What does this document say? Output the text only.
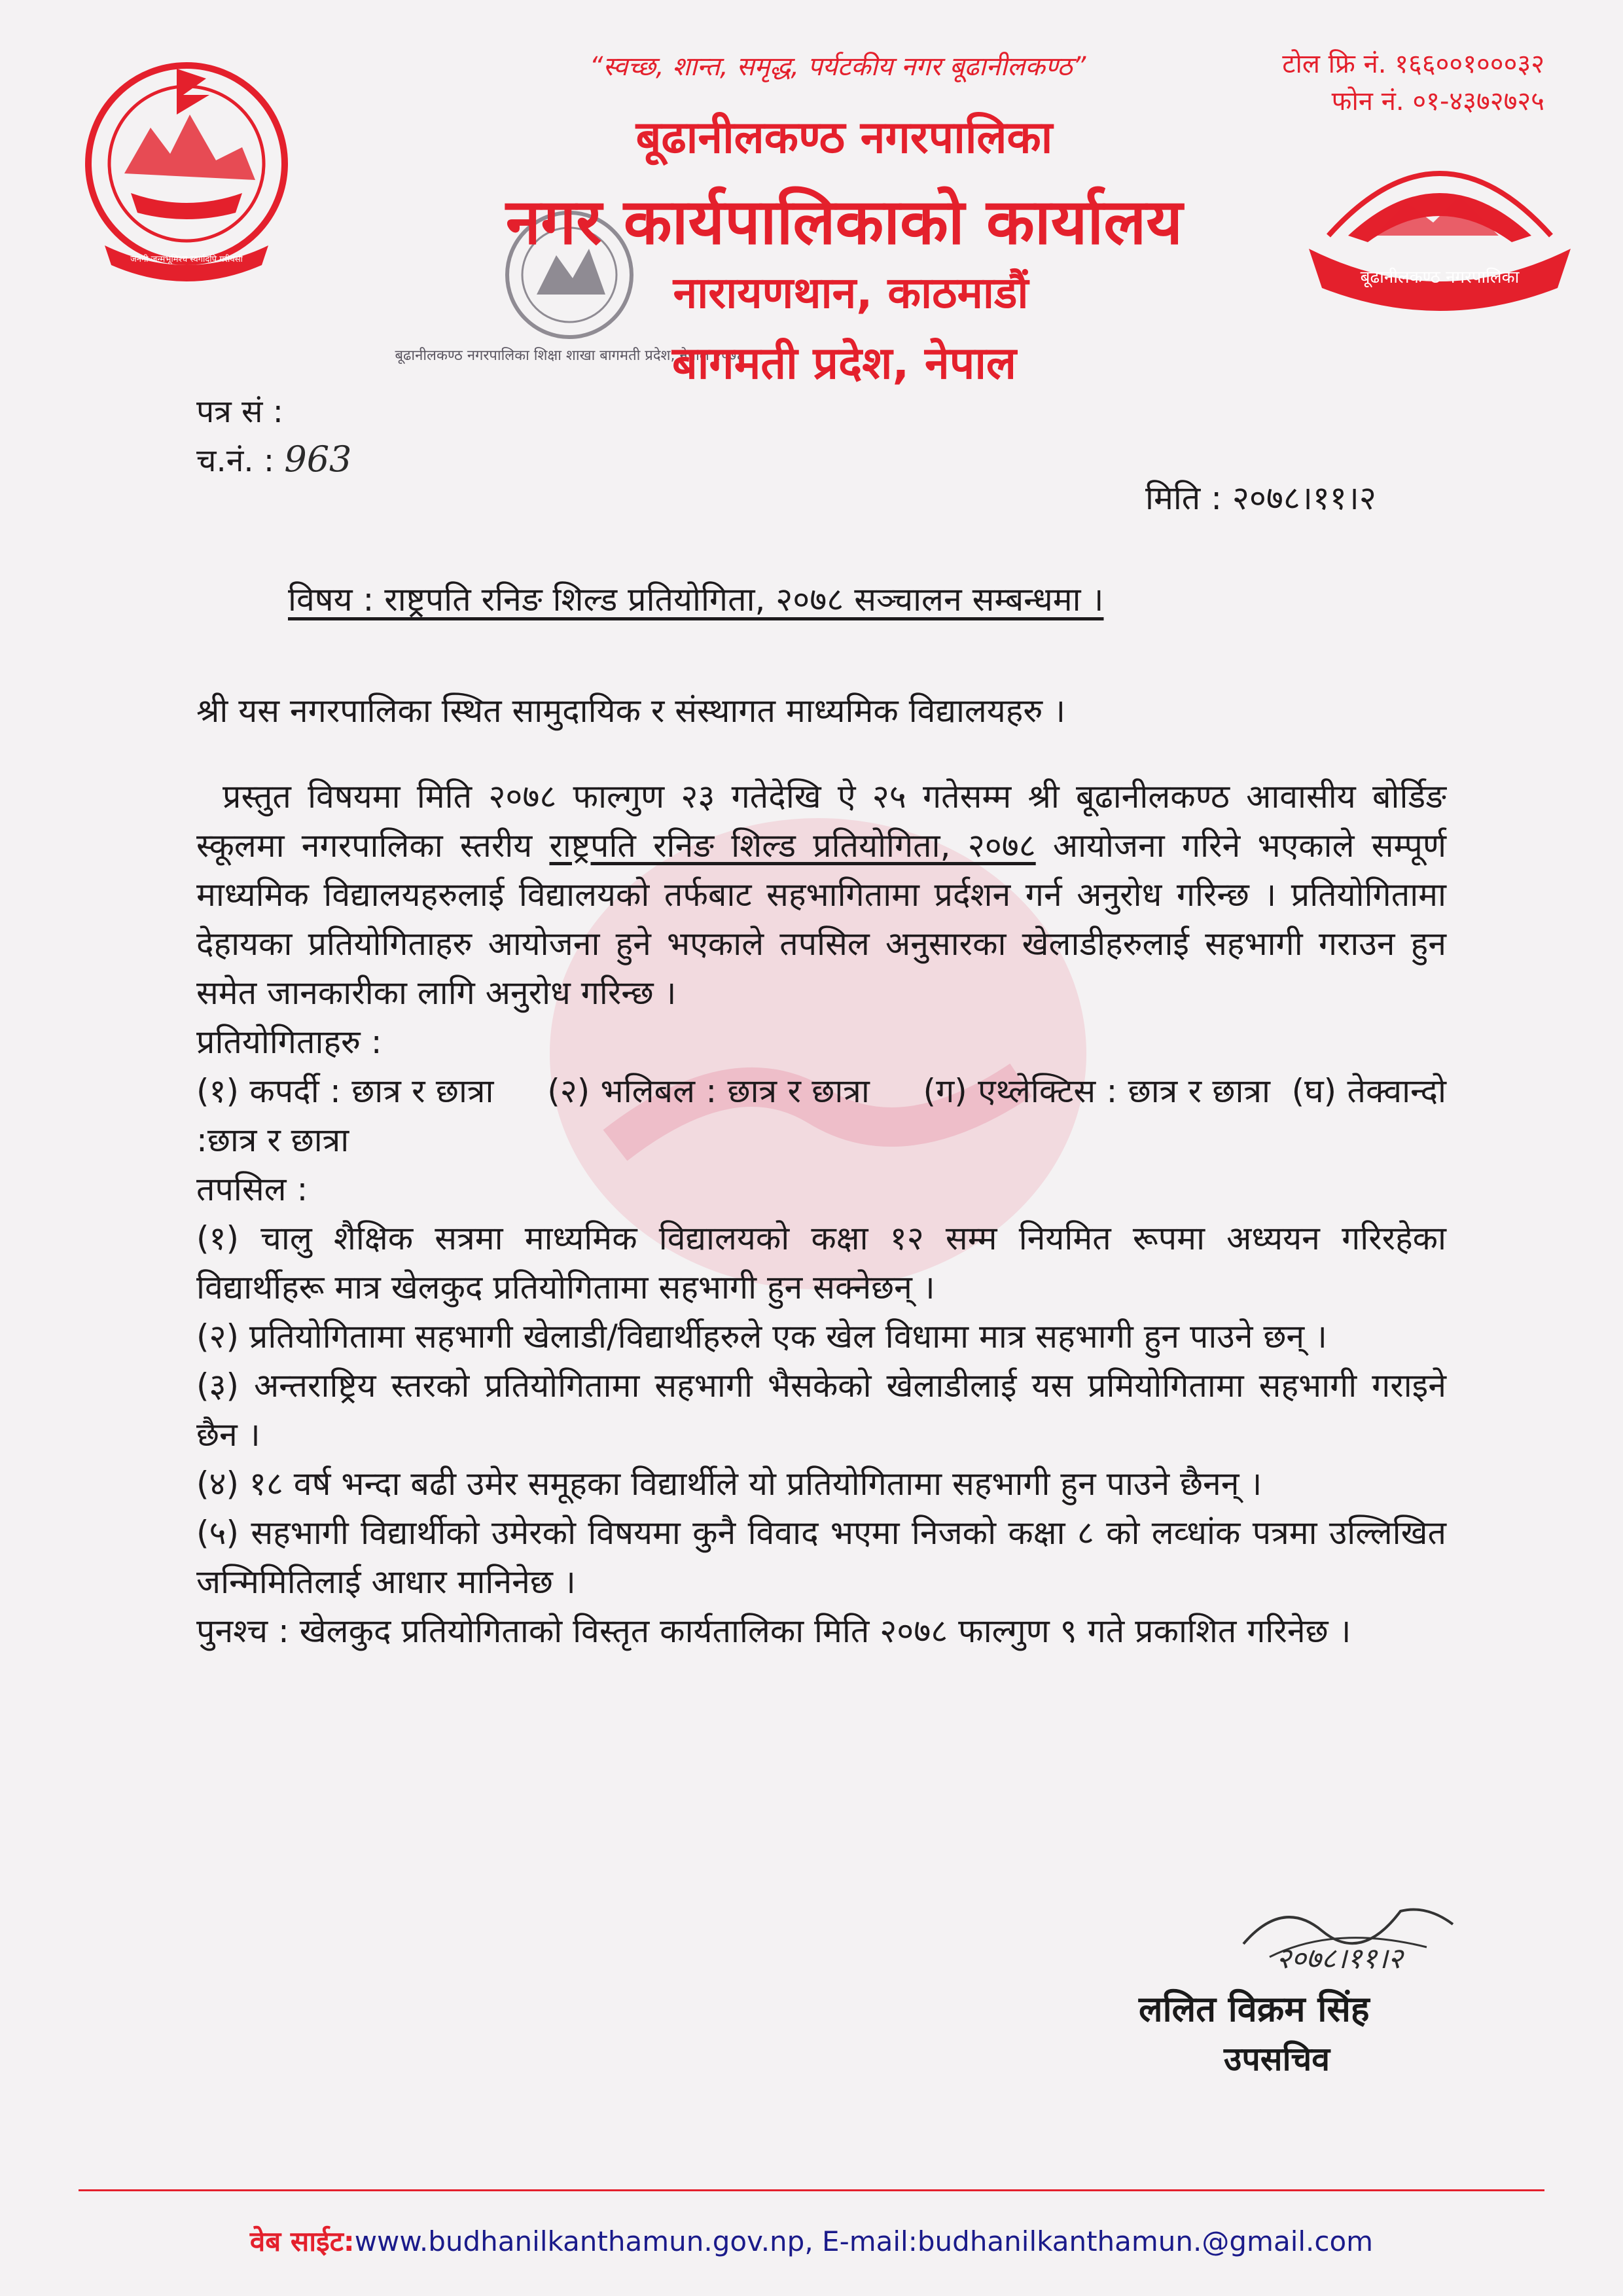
जननी जन्मभूमिश्च स्वर्गादपि गरीयसी
बूढानीलकण्ठ नगरपालिका
बूढानीलकण्ठ नगरपालिका शिक्षा शाखा बागमती प्रदेश, नेपाल २०७४
“स्वच्छ, शान्त, समृद्ध, पर्यटकीय नगर बूढानीलकण्ठ”
बूढानीलकण्ठ नगरपालिका
नगर कार्यपालिकाको कार्यालय
नारायणथान, काठमाडौं
बागमती प्रदेश, नेपाल
टोल फ्रि नं. १६६००१०००३२
फोन नं. ०१-४३७२७२५
पत्र सं :
च.नं. : 963
मिति : २०७८।११।२
विषय : राष्ट्रपति रनिङ शिल्ड प्रतियोगिता, २०७८ सञ्चालन सम्बन्धमा ।
श्री यस नगरपालिका स्थित सामुदायिक र संस्थागत माध्यमिक विद्यालयहरु ।

प्रस्तुत विषयमा मिति २०७८ फाल्गुण २३ गतेदेखि ऐ २५ गतेसम्म श्री बूढानीलकण्ठ आवासीय बोर्डिङ स्कूलमा नगरपालिका स्तरीय राष्ट्रपति रनिङ शिल्ड प्रतियोगिता, २०७८ आयोजना गरिने भएकाले सम्पूर्ण माध्यमिक विद्यालयहरुलाई विद्यालयको तर्फबाट सहभागितामा प्रर्दशन गर्न अनुरोध गरिन्छ । प्रतियोगितामा देहायका प्रतियोगिताहरु आयोजना हुने भएकाले तपसिल अनुसारका खेलाडीहरुलाई सहभागी गराउन हुन समेत जानकारीका लागि अनुरोध गरिन्छ ।

प्रतियोगिताहरु :

(१) कपर्दी : छात्र र छात्रा     (२) भलिबल : छात्र र छात्रा     (ग) एथ्लेक्टिस : छात्र र छात्रा  (घ) तेक्वान्दो :छात्र र छात्रा

तपसिल :

(१) चालु शैक्षिक सत्रमा माध्यमिक विद्यालयको कक्षा १२ सम्म नियमित रूपमा अध्ययन गरिरहेका विद्यार्थीहरू मात्र खेलकुद प्रतियोगितामा सहभागी हुन सक्नेछन् ।

(२) प्रतियोगितामा सहभागी खेलाडी/विद्यार्थीहरुले एक खेल विधामा मात्र सहभागी हुन पाउने छन् ।

(३) अन्तराष्ट्रिय स्तरको प्रतियोगितामा सहभागी भैसकेको खेलाडीलाई यस प्रमियोगितामा सहभागी गराइने छैन ।

(४) १८ वर्ष भन्दा बढी उमेर समूहका विद्यार्थीले यो प्रतियोगितामा सहभागी हुन पाउने छैनन् ।

(५) सहभागी विद्यार्थीको उमेरको विषयमा कुनै विवाद भएमा निजको कक्षा ८ को लव्धांक पत्रमा उल्लिखित जन्मिमितिलाई आधार मानिनेछ ।

पुनश्च : खेलकुद प्रतियोगिताको विस्तृत कार्यतालिका मिति २०७८ फाल्गुण ९ गते प्रकाशित गरिनेछ ।

२०७८।११।२
ललित विक्रम सिंह
उपसचिव
वेब साईट:www.budhanilkanthamun.gov.np, E-mail:budhanilkanthamun.@gmail.com
